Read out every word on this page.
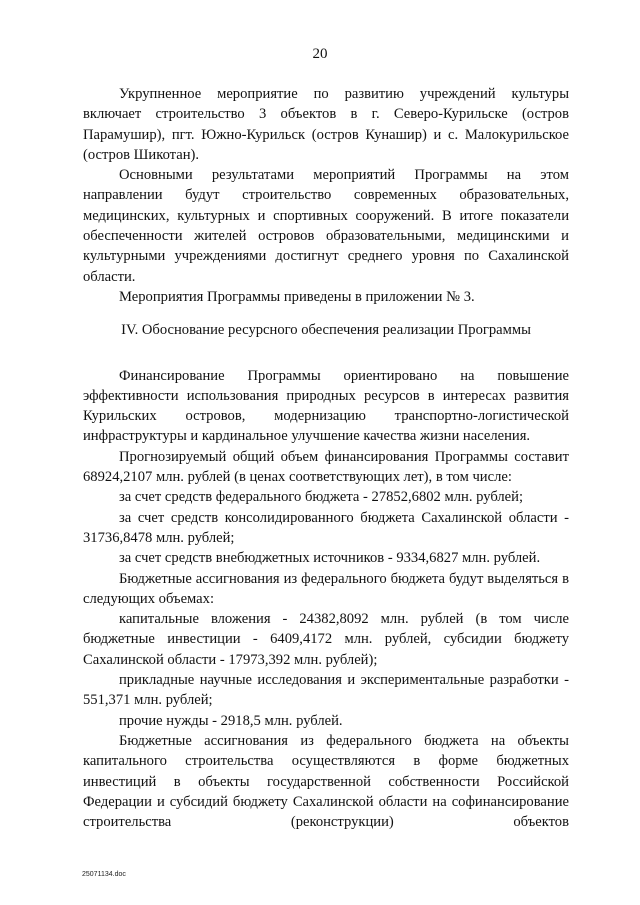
20

Укрупненное мероприятие по развитию учреждений культуры включает строительство 3 объектов в г. Северо-Курильске (остров Парамушир), пгт. Южно-Курильск (остров Кунашир) и с. Малокурильское (остров Шикотан).

Основными результатами мероприятий Программы на этом направлении будут строительство современных образовательных, медицинских, культурных и спортивных сооружений. В итоге показатели обеспеченности жителей островов образовательными, медицинскими и культурными учреждениями достигнут среднего уровня по Сахалинской области.

Мероприятия Программы приведены в приложении № 3.

IV. Обоснование ресурсного обеспечения реализации Программы

Финансирование Программы ориентировано на повышение эффективности использования природных ресурсов в интересах развития Курильских островов, модернизацию транспортно-логистической инфраструктуры и кардинальное улучшение качества жизни населения.

Прогнозируемый общий объем финансирования Программы составит 68924,2107 млн. рублей (в ценах соответствующих лет), в том числе:

за счет средств федерального бюджета - 27852,6802 млн. рублей;

за счет средств консолидированного бюджета Сахалинской области - 31736,8478 млн. рублей;

за счет средств внебюджетных источников - 9334,6827 млн. рублей.

Бюджетные ассигнования из федерального бюджета будут выделяться в следующих объемах:

капитальные вложения - 24382,8092 млн. рублей (в том числе бюджетные инвестиции - 6409,4172 млн. рублей, субсидии бюджету Сахалинской области - 17973,392 млн. рублей);

прикладные научные исследования и экспериментальные разработки - 551,371 млн. рублей;

прочие нужды - 2918,5 млн. рублей.

Бюджетные ассигнования из федерального бюджета на объекты капитального строительства осуществляются в форме бюджетных инвестиций в объекты государственной собственности Российской Федерации и субсидий бюджету Сахалинской области на софинансирование строительства (реконструкции) объектов

25071134.doc
